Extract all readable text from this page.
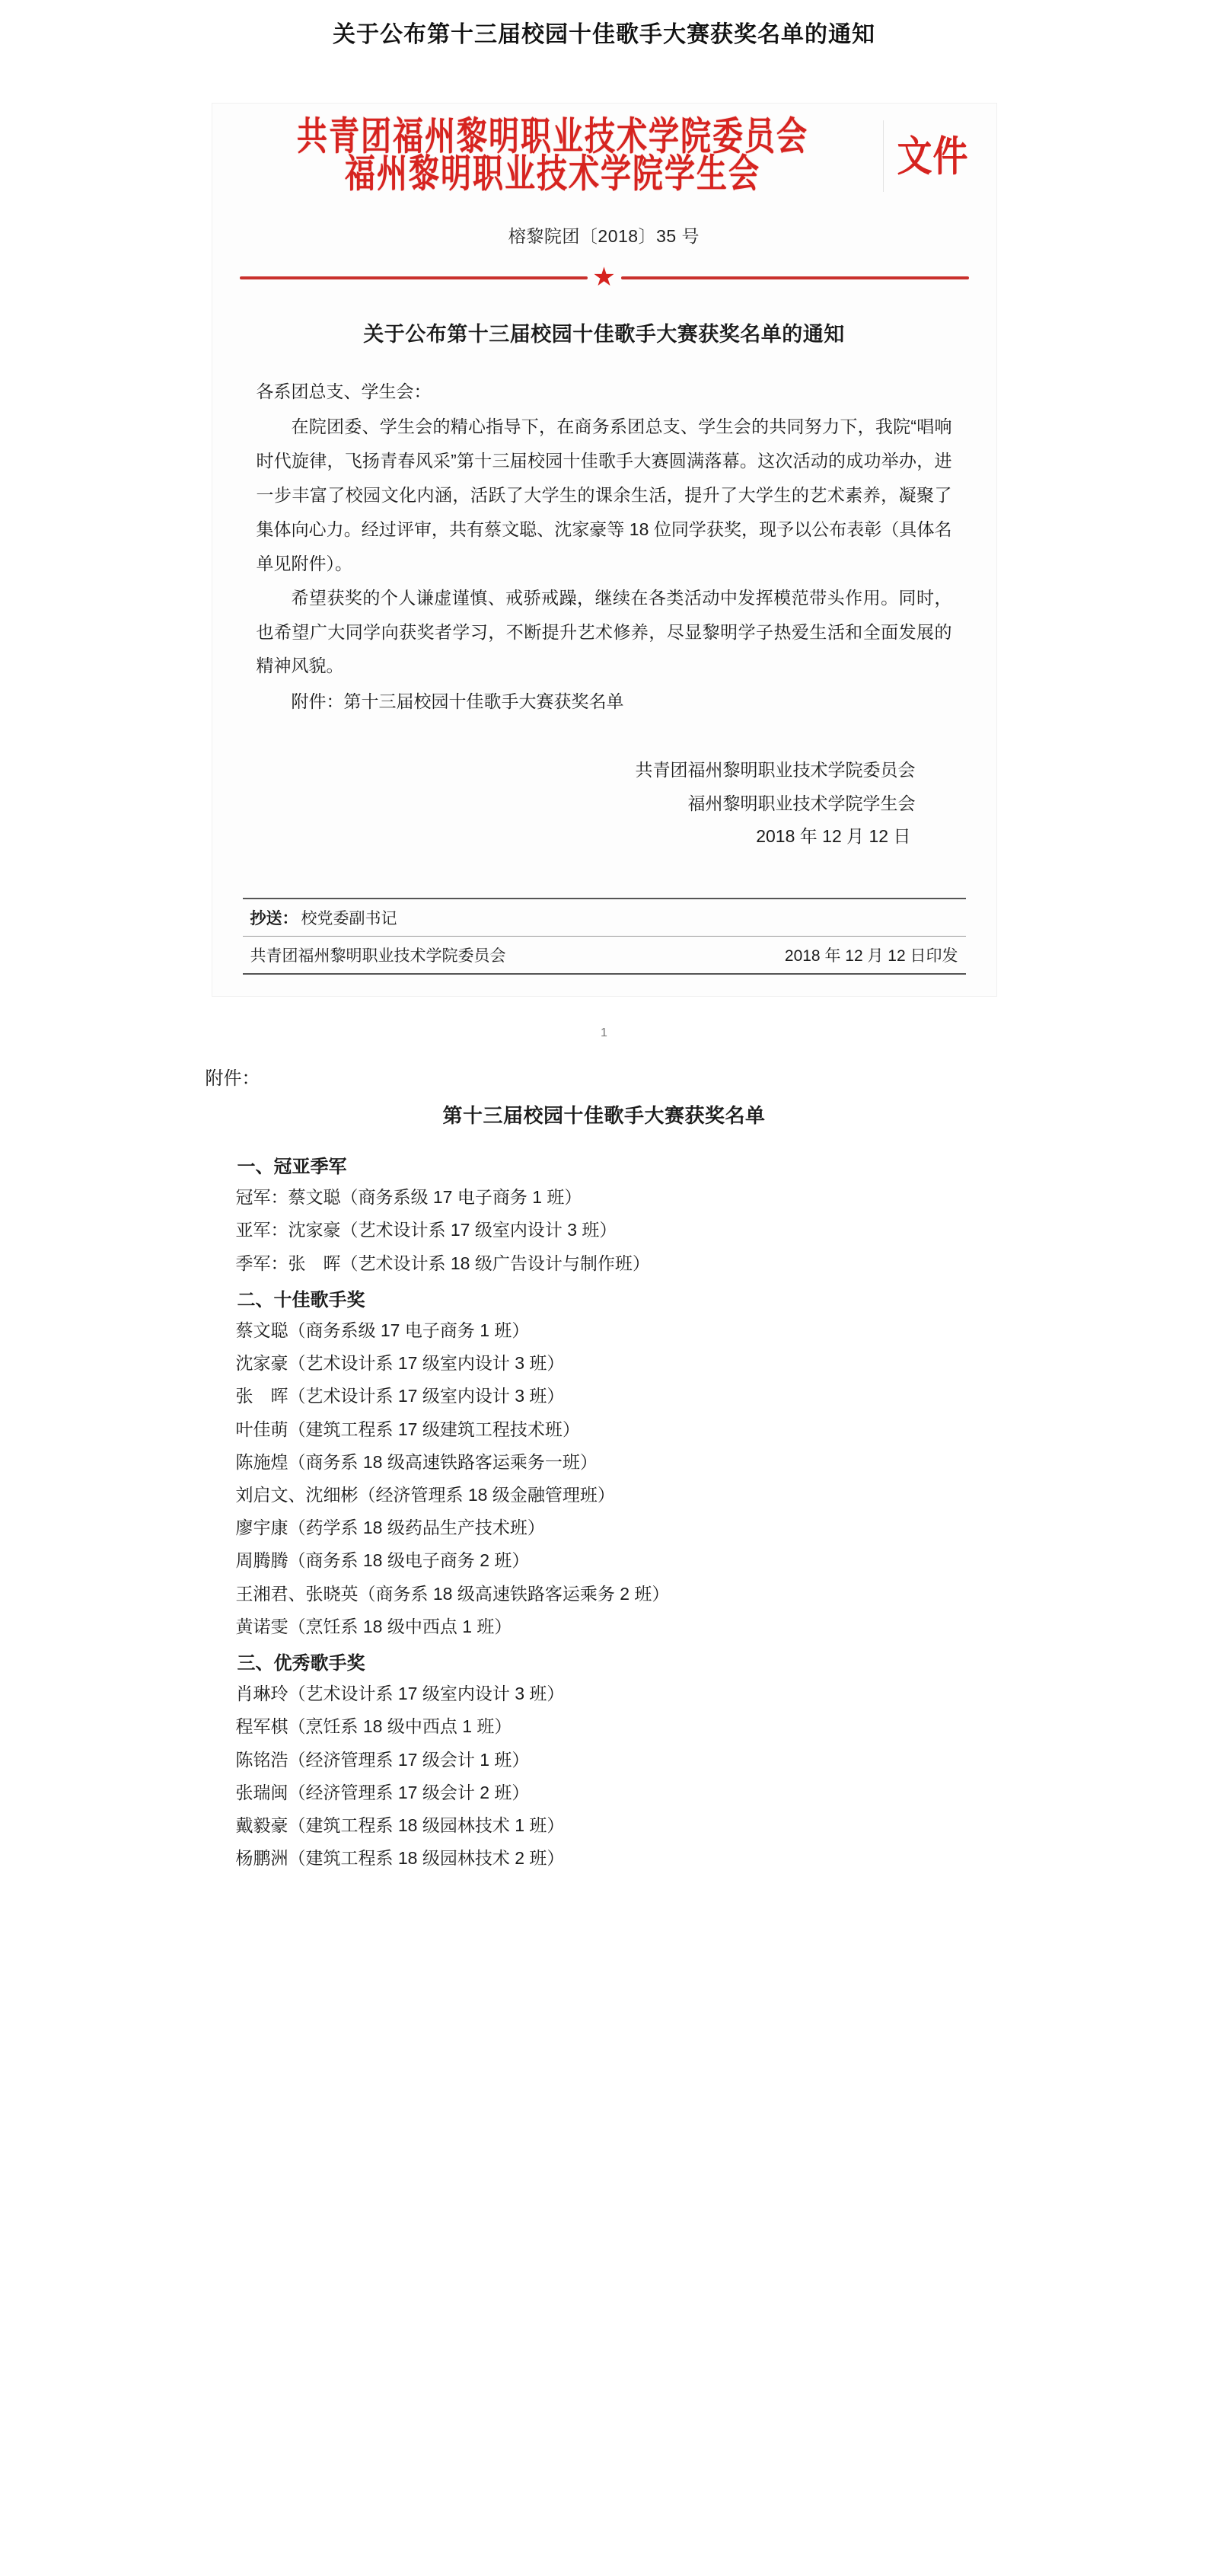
关于公布第十三届校园十佳歌手大赛获奖名单的通知
共青团福州黎明职业技术学院委员会
福州黎明职业技术学院学生会	文件
榕黎院团〔2018〕35 号
★
关于公布第十三届校园十佳歌手大赛获奖名单的通知
各系团总支、学生会：

在院团委、学生会的精心指导下，在商务系团总支、学生会的共同努力下，我院“唱响时代旋律，飞扬青春风采”第十三届校园十佳歌手大赛圆满落幕。这次活动的成功举办，进一步丰富了校园文化内涵，活跃了大学生的课余生活，提升了大学生的艺术素养，凝聚了集体向心力。经过评审，共有蔡文聪、沈家豪等 18 位同学获奖，现予以公布表彰（具体名单见附件）。

希望获奖的个人谦虚谨慎、戒骄戒躁，继续在各类活动中发挥模范带头作用。同时，也希望广大同学向获奖者学习，不断提升艺术修养，尽显黎明学子热爱生活和全面发展的精神风貌。

附件：第十三届校园十佳歌手大赛获奖名单
共青团福州黎明职业技术学院委员会
福州黎明职业技术学院学生会
2018 年 12 月 12 日
抄送： 校党委副书记
共青团福州黎明职业技术学院委员会	2018 年 12 月 12 日印发
1
附件：
第十三届校园十佳歌手大赛获奖名单
一、冠亚季军
冠军：蔡文聪（商务系级 17 电子商务 1 班）
亚军：沈家豪（艺术设计系 17 级室内设计 3 班）
季军：张　晖（艺术设计系 18 级广告设计与制作班）
二、十佳歌手奖
蔡文聪（商务系级 17 电子商务 1 班）
沈家豪（艺术设计系 17 级室内设计 3 班）
张　晖（艺术设计系 17 级室内设计 3 班）
叶佳萌（建筑工程系 17 级建筑工程技术班）
陈施煌（商务系 18 级高速铁路客运乘务一班）
刘启文、沈细彬（经济管理系 18 级金融管理班）
廖宇康（药学系 18 级药品生产技术班）
周腾腾（商务系 18 级电子商务 2 班）
王湘君、张晓英（商务系 18 级高速铁路客运乘务 2 班）
黄诺雯（烹饪系 18 级中西点 1 班）
三、优秀歌手奖
肖琳玲（艺术设计系 17 级室内设计 3 班）
程军棋（烹饪系 18 级中西点 1 班）
陈铭浩（经济管理系 17 级会计 1 班）
张瑞闽（经济管理系 17 级会计 2 班）
戴毅豪（建筑工程系 18 级园林技术 1 班）
杨鹏洲（建筑工程系 18 级园林技术 2 班）
